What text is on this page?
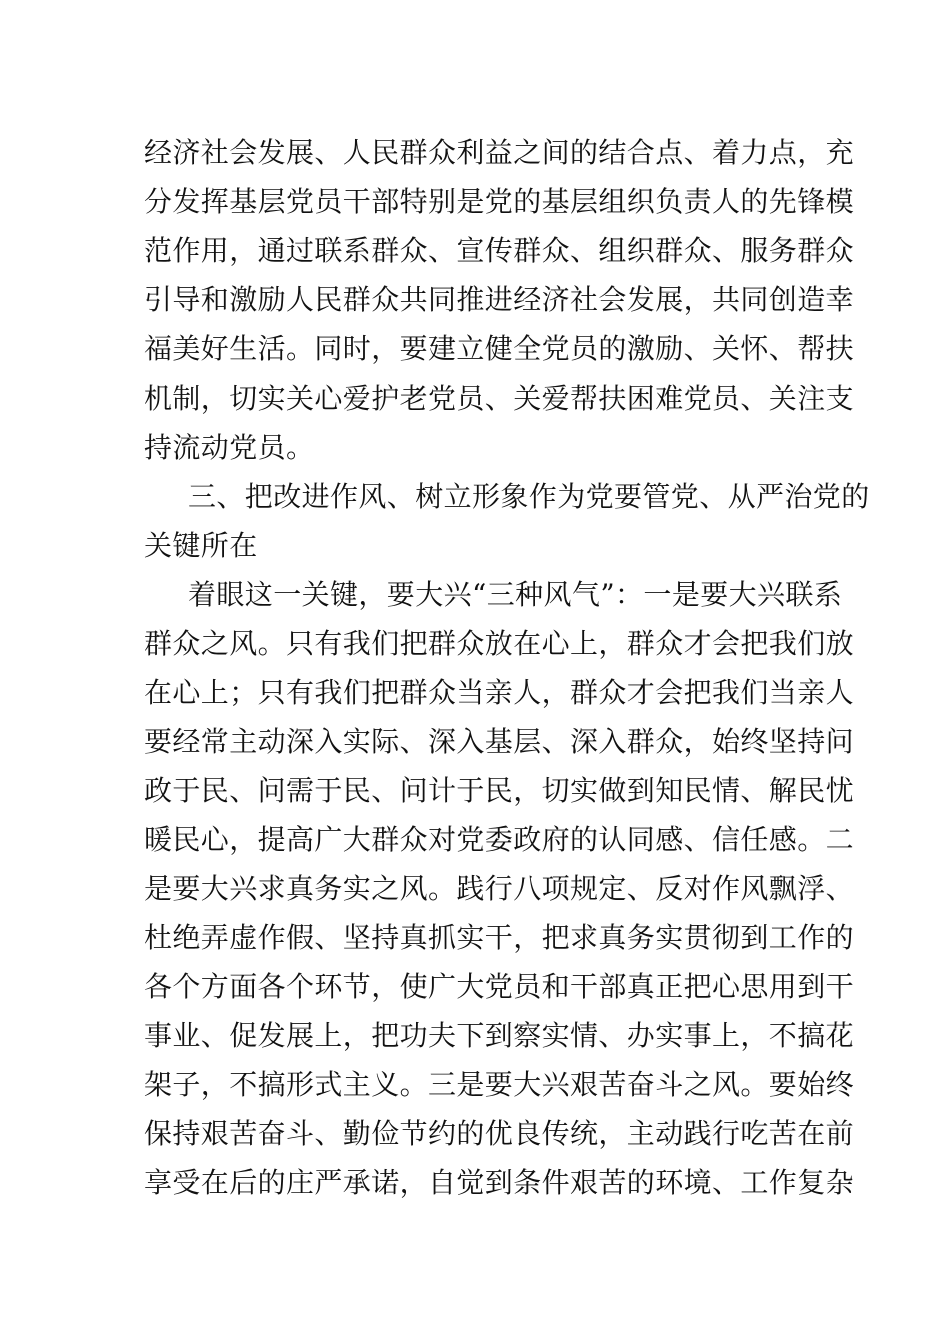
经济社会发展、人民群众利益之间的结合点、着力点，充
分发挥基层党员干部特别是党的基层组织负责人的先锋模
范作用，通过联系群众、宣传群众、组织群众、服务群众
引导和激励人民群众共同推进经济社会发展，共同创造幸
福美好生活。同时，要建立健全党员的激励、关怀、帮扶
机制，切实关心爱护老党员、关爱帮扶困难党员、关注支
持流动党员。
三、把改进作风、树立形象作为党要管党、从严治党的
关键所在
着眼这一关键，要大兴“三种风气”：一是要大兴联系
群众之风。只有我们把群众放在心上，群众才会把我们放
在心上；只有我们把群众当亲人，群众才会把我们当亲人
要经常主动深入实际、深入基层、深入群众，始终坚持问
政于民、问需于民、问计于民，切实做到知民情、解民忧
暖民心，提高广大群众对党委政府的认同感、信任感。二
是要大兴求真务实之风。践行八项规定、反对作风飘浮、
杜绝弄虚作假、坚持真抓实干，把求真务实贯彻到工作的
各个方面各个环节，使广大党员和干部真正把心思用到干
事业、促发展上，把功夫下到察实情、办实事上，不搞花
架子，不搞形式主义。三是要大兴艰苦奋斗之风。要始终
保持艰苦奋斗、勤俭节约的优良传统，主动践行吃苦在前
享受在后的庄严承诺，自觉到条件艰苦的环境、工作复杂
